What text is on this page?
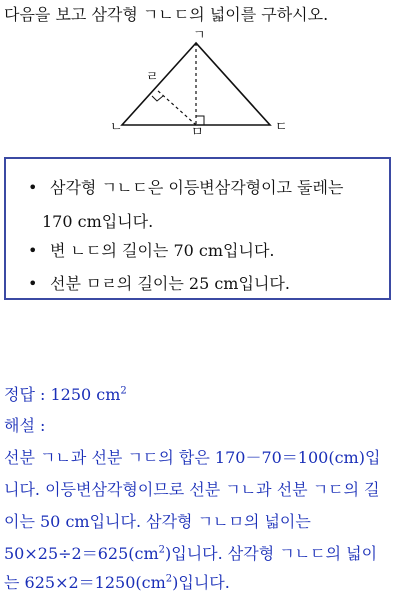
다음을 보고 삼각형 ㄱㄴㄷ의 넓이를 구하시오.
ㄱ
ㄴ	ㄷ
ㄹ
ㅁ
• 삼각형 ㄱㄴㄷ은 이등변삼각형이고 둘레는
170 cm입니다.
• 변 ㄴㄷ의 길이는 70 cm입니다.
• 선분 ㅁㄹ의 길이는 25 cm입니다.
정답 : 1250 $cm^2$
해설 :
선분 ㄱㄴ과 선분 ㄱㄷ의 합은 170－70＝100(cm)입
니다. 이등변삼각형이므로 선분 ㄱㄴ과 선분 ㄱㄷ의 길
이는 50 cm입니다. 삼각형 ㄱㄴㅁ의 넓이는
$50\times 25\div 2=625(cm^2)$입니다. 삼각형 ㄱㄴㄷ의 넓이
는 $625\times 2=1250(cm^2)$입니다.
